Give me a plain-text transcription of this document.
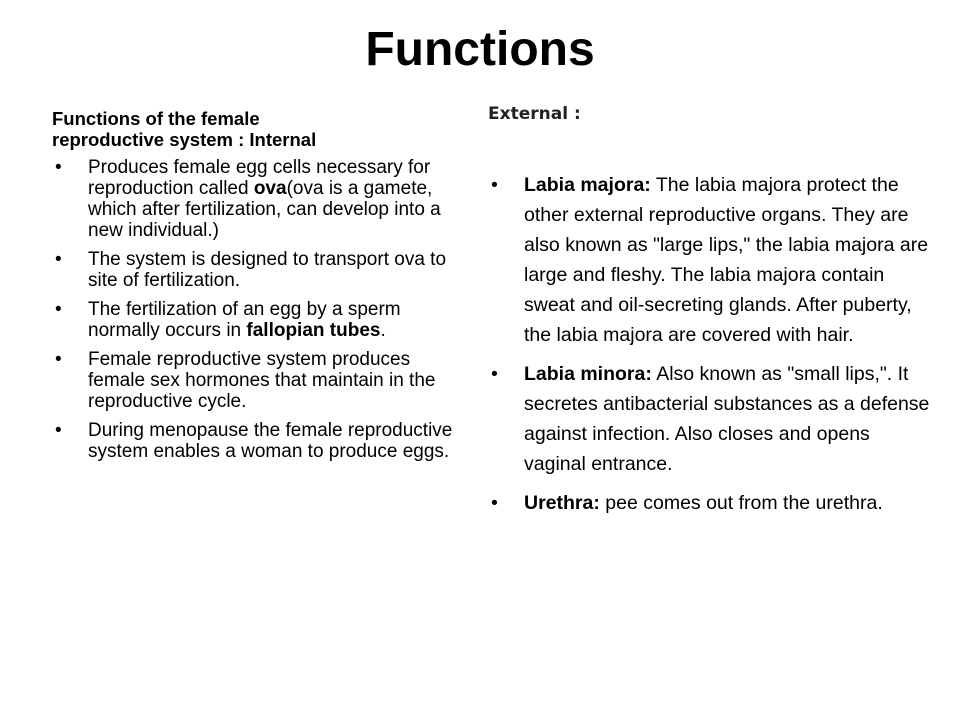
Functions
Functions of the female
reproductive system : Internal
• Produces female egg cells necessary for reproduction called ova(ova is a gamete, which after fertilization, can develop into a new individual.)
• The system is designed to transport ova to site of fertilization.
• The fertilization of an egg by a sperm normally occurs in fallopian tubes.
• Female reproductive system produces female sex hormones that maintain in the reproductive cycle.
• During menopause the female reproductive system enables a woman to produce eggs.
External :
• Labia majora: The labia majora protect the other external reproductive organs. They are also known as "large lips," the labia majora are large and fleshy. The labia majora contain sweat and oil-secreting glands. After puberty, the labia majora are covered with hair.
• Labia minora: Also known as "small lips,". It secretes antibacterial substances as a defense against infection. Also closes and opens vaginal entrance.
• Urethra: pee comes out from the urethra.
